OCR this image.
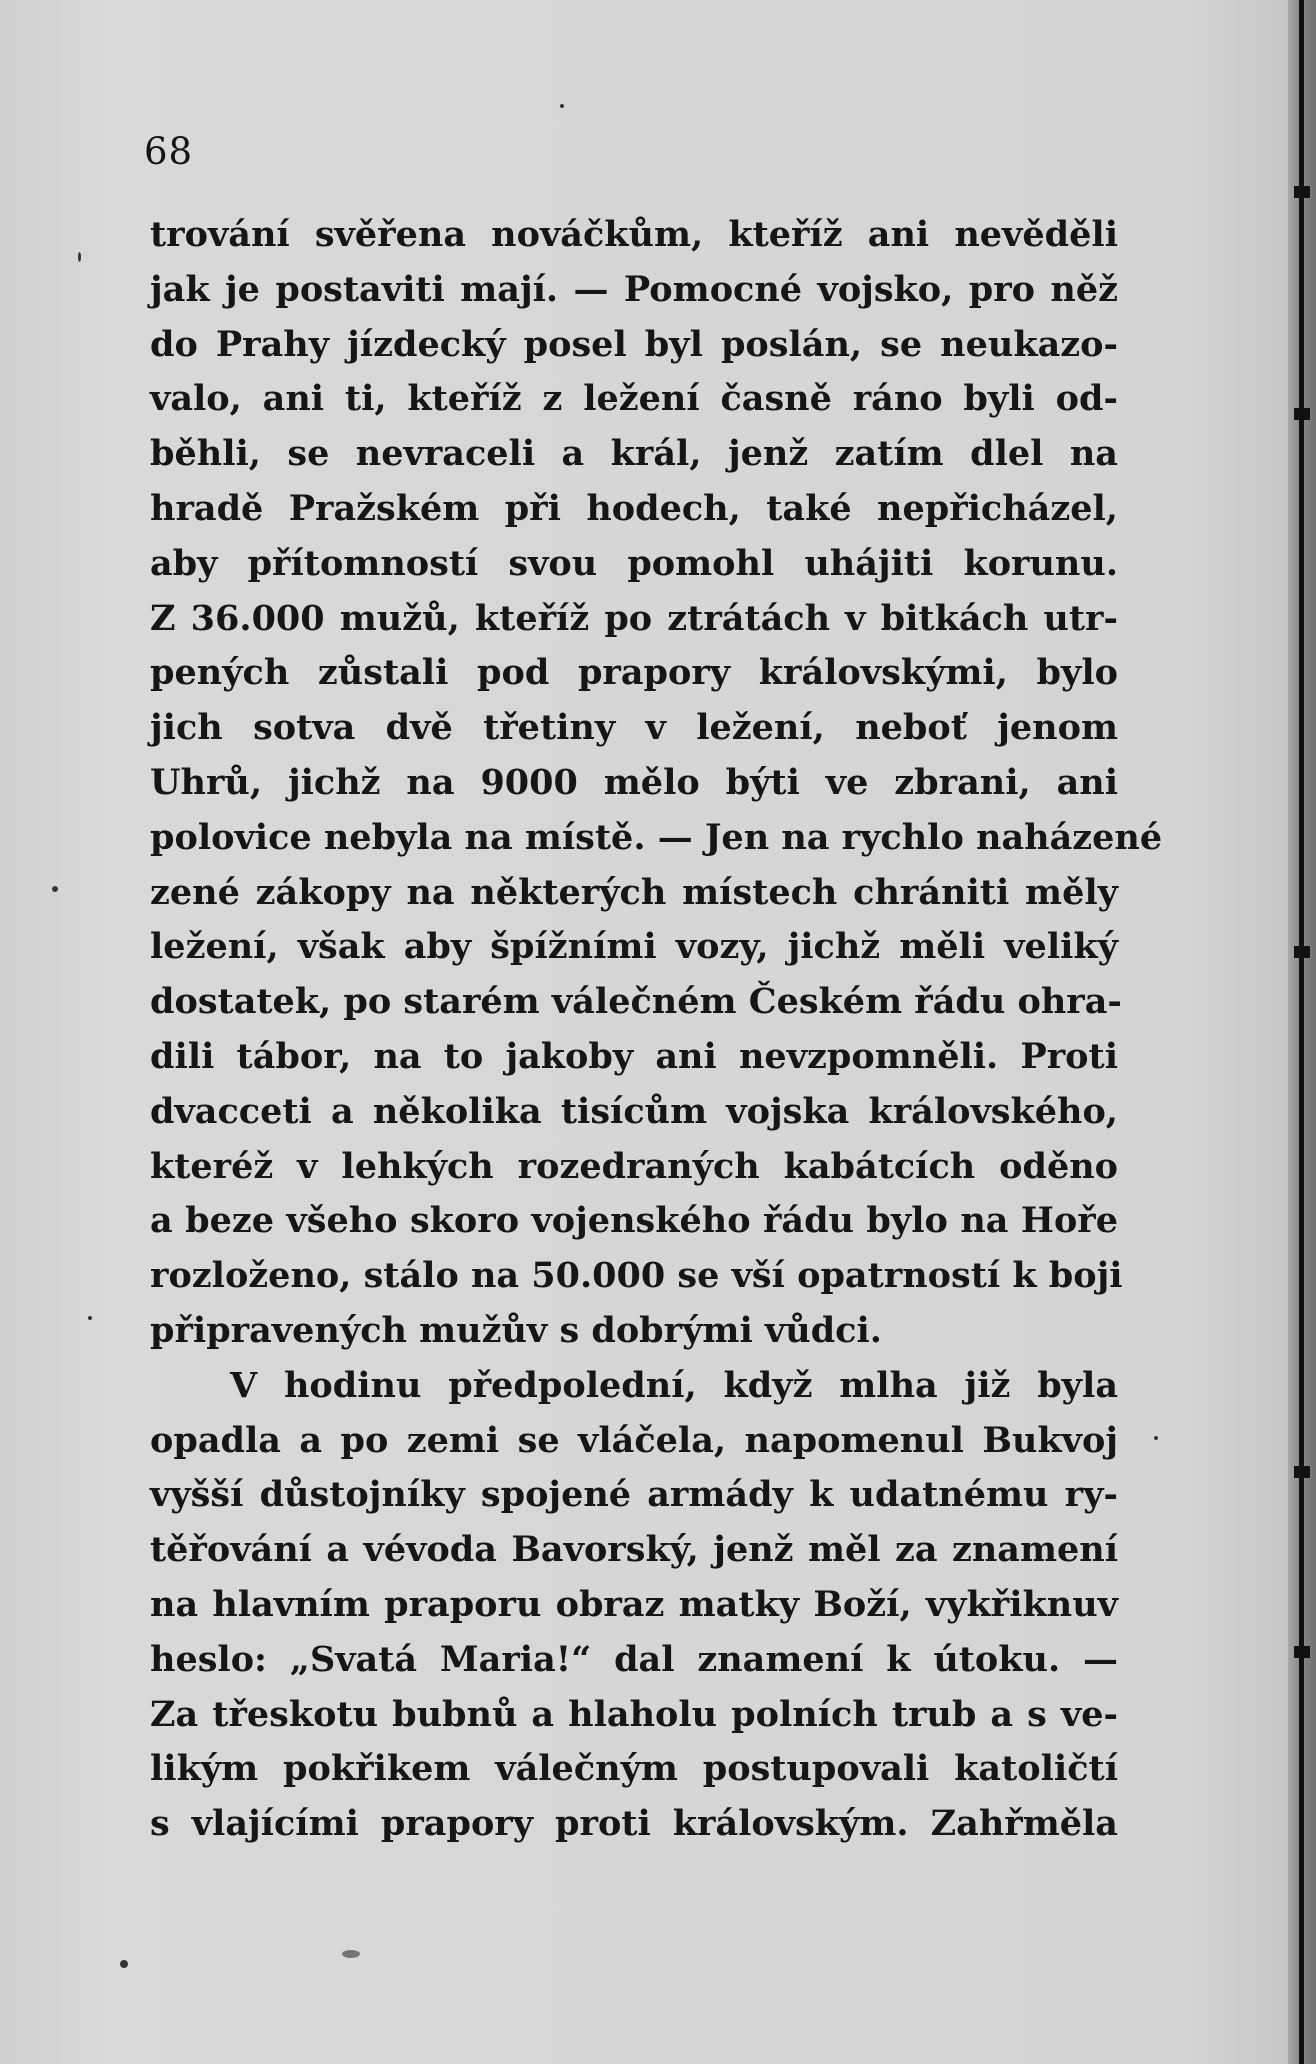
68
trování svěřena nováčkům, kteříž ani nevěděli
jak je postaviti mají. — Pomocné vojsko, pro něž
do Prahy jízdecký posel byl poslán, se neukazo-
valo, ani ti, kteříž z ležení časně ráno byli od-
běhli, se nevraceli a král, jenž zatím dlel na
hradě Pražském při hodech, také nepřicházel,
aby přítomností svou pomohl uhájiti korunu.
Z 36.000 mužů, kteříž po ztrátách v bitkách utr-
pených zůstali pod prapory královskými, bylo
jich sotva dvě třetiny v ležení, neboť jenom
Uhrů, jichž na 9000 mělo býti ve zbrani, ani
polovice nebyla na místě. — Jen na rychlo naházené
zené zákopy na některých místech chrániti měly
ležení, však aby špížními vozy, jichž měli veliký
dostatek, po starém válečném Českém řádu ohra-
dili tábor, na to jakoby ani nevzpomněli. Proti
dvacceti a několika tisícům vojska královského,
kteréž v lehkých rozedraných kabátcích oděno
a beze všeho skoro vojenského řádu bylo na Hoře
rozloženo, stálo na 50.000 se vší opatrností k boji
připravených mužův s dobrými vůdci.
V hodinu předpolední, když mlha již byla
opadla a po zemi se vláčela, napomenul Bukvoj
vyšší důstojníky spojené armády k udatnému ry-
těřování a vévoda Bavorský, jenž měl za znamení
na hlavním praporu obraz matky Boží, vykřiknuv
heslo: „Svatá Maria!“ dal znamení k útoku. —
Za třeskotu bubnů a hlaholu polních trub a s ve-
likým pokřikem válečným postupovali katoličtí
s vlajícími prapory proti královským. Zahřměla
